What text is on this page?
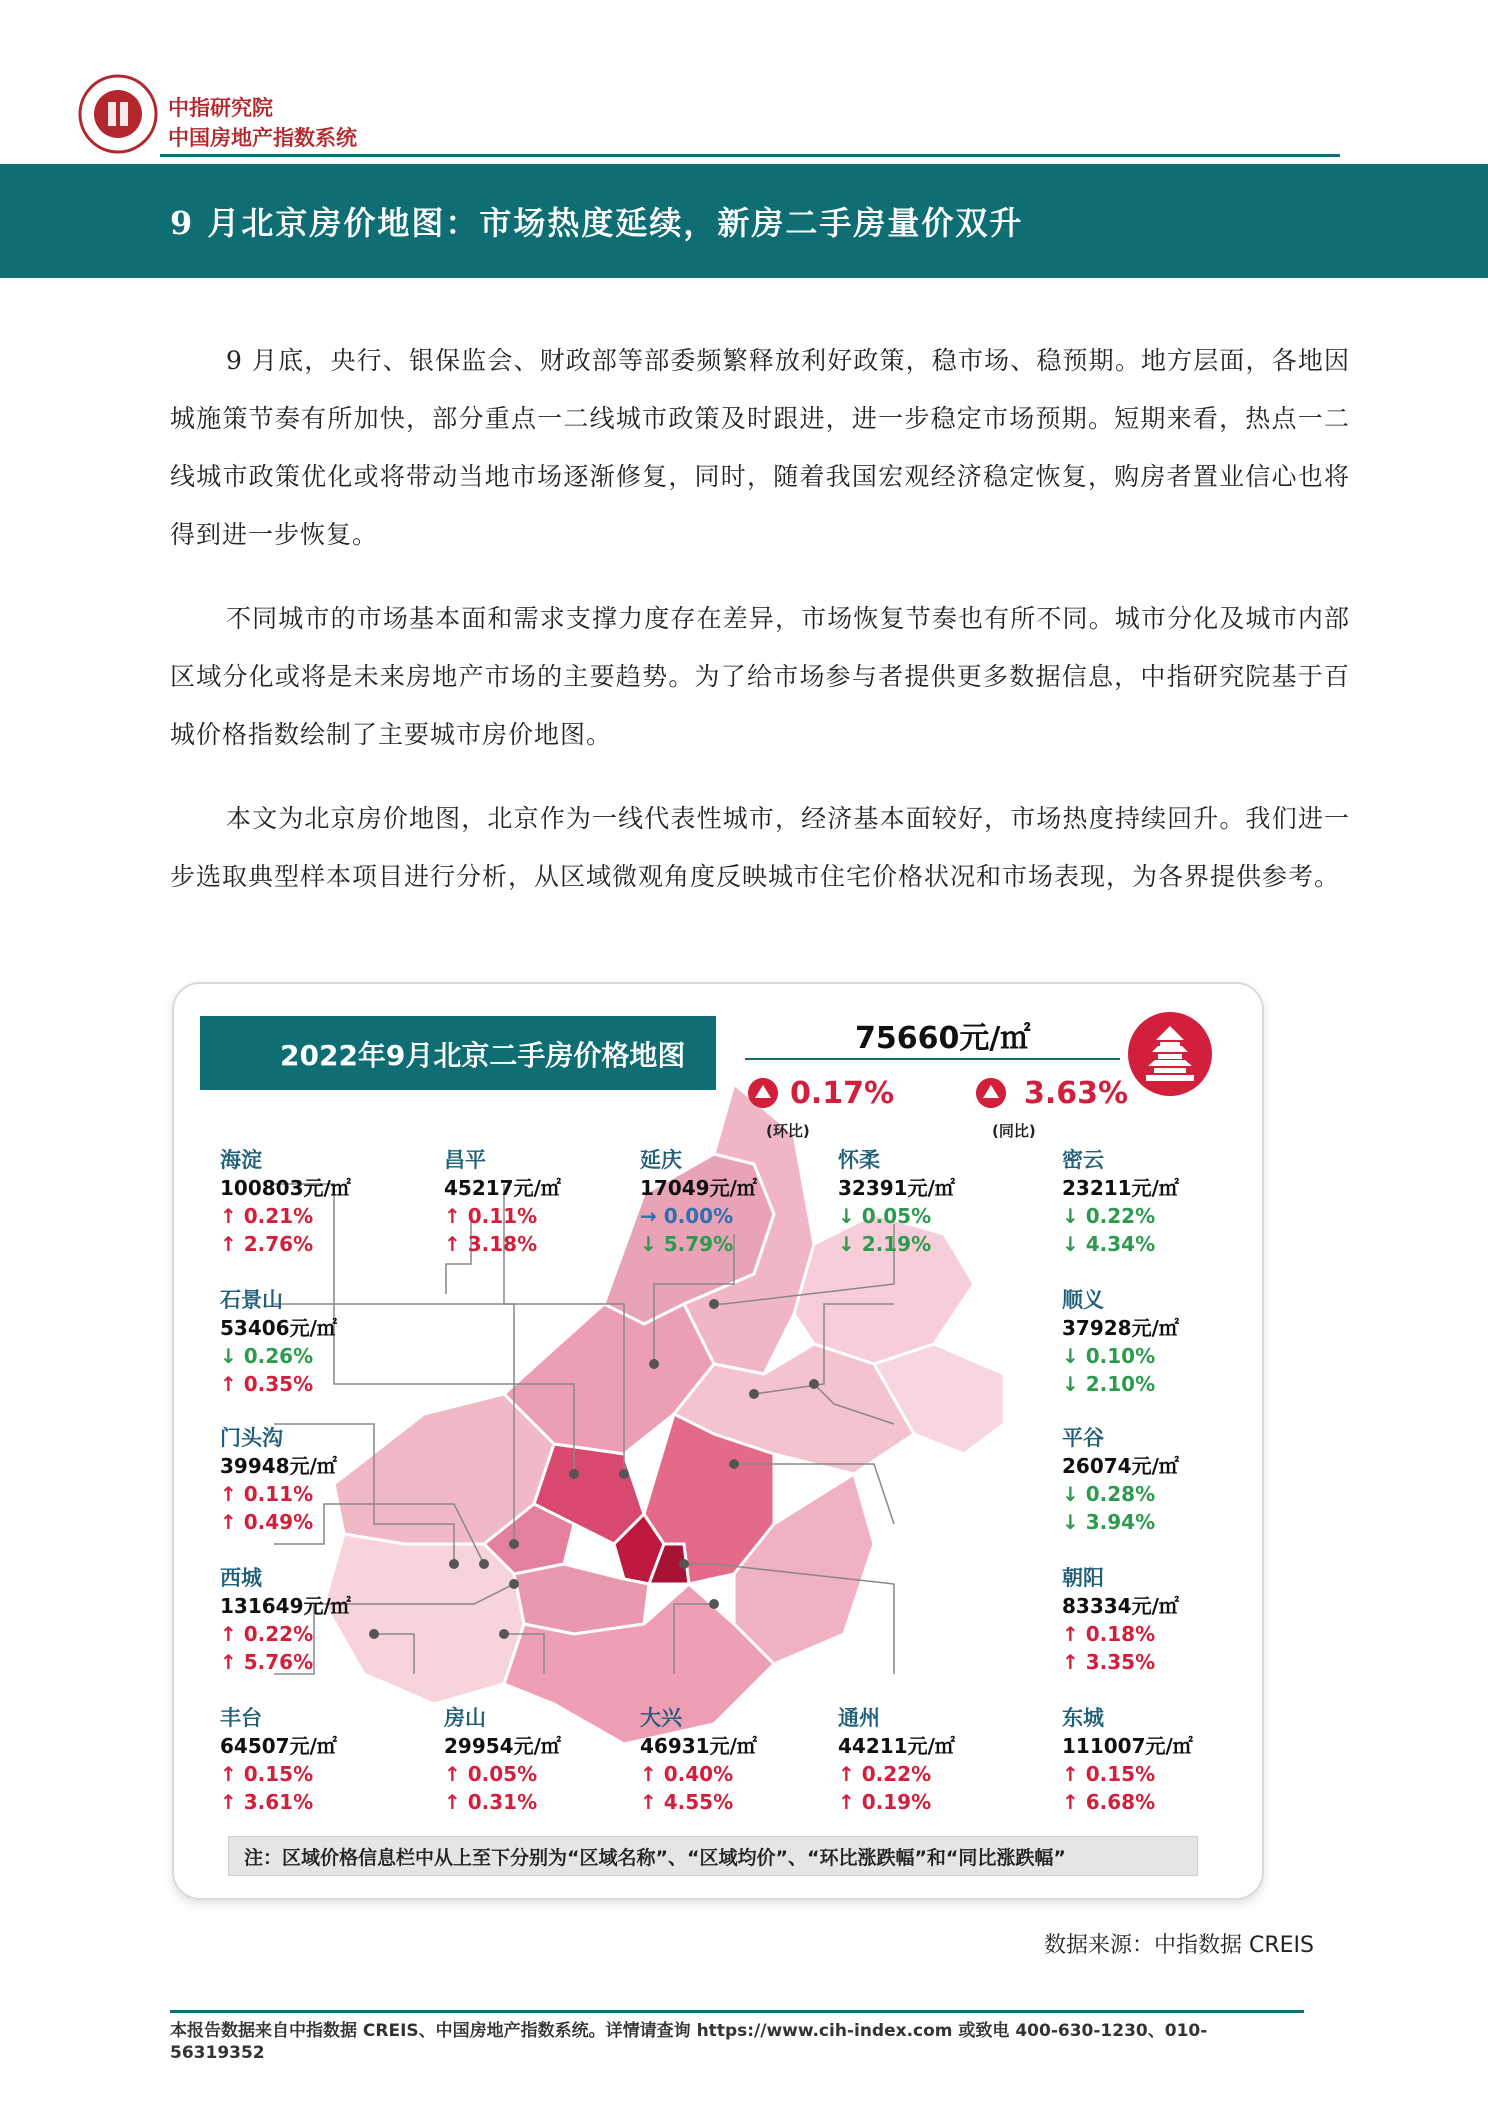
中指研究院
中国房地产指数系统
9 月北京房价地图：市场热度延续，新房二手房量价双升
9 月底，央行、银保监会、财政部等部委频繁释放利好政策，稳市场、稳预期。地方层面，各地因城施策节奏有所加快，部分重点一二线城市政策及时跟进，进一步稳定市场预期。短期来看，热点一二线城市政策优化或将带动当地市场逐渐修复，同时，随着我国宏观经济稳定恢复，购房者置业信心也将得到进一步恢复。
不同城市的市场基本面和需求支撑力度存在差异，市场恢复节奏也有所不同。城市分化及城市内部区域分化或将是未来房地产市场的主要趋势。为了给市场参与者提供更多数据信息，中指研究院基于百城价格指数绘制了主要城市房价地图。
本文为北京房价地图，北京作为一线代表性城市，经济基本面较好，市场热度持续回升。我们进一步选取典型样本项目进行分析，从区域微观角度反映城市住宅价格状况和市场表现，为各界提供参考。
2022年9月北京二手房价格地图	75660元/㎡
0.17%
(环比)
3.63%
(同比)
海淀
100803元/㎡
↑ 0.21%
↑ 2.76%
昌平
45217元/㎡
↑ 0.11%
↑ 3.18%
延庆
17049元/㎡
→ 0.00%
↓ 5.79%
怀柔
32391元/㎡
↓ 0.05%
↓ 2.19%
密云
23211元/㎡
↓ 0.22%
↓ 4.34%
石景山
53406元/㎡
↓ 0.26%
↑ 0.35%
顺义
37928元/㎡
↓ 0.10%
↓ 2.10%
门头沟
39948元/㎡
↑ 0.11%
↑ 0.49%
平谷
26074元/㎡
↓ 0.28%
↓ 3.94%
西城
131649元/㎡
↑ 0.22%
↑ 5.76%
朝阳
83334元/㎡
↑ 0.18%
↑ 3.35%
丰台
64507元/㎡
↑ 0.15%
↑ 3.61%
房山
29954元/㎡
↑ 0.05%
↑ 0.31%
大兴
46931元/㎡
↑ 0.40%
↑ 4.55%
通州
44211元/㎡
↑ 0.22%
↑ 0.19%
东城
111007元/㎡
↑ 0.15%
↑ 6.68%
注：区域价格信息栏中从上至下分别为“区域名称”、“区域均价”、“环比涨跌幅”和“同比涨跌幅”
数据来源：中指数据 CREIS
本报告数据来自中指数据 CREIS、中国房地产指数系统。详情请查询 https://www.cih-index.com 或致电 400-630-1230、010-56319352
